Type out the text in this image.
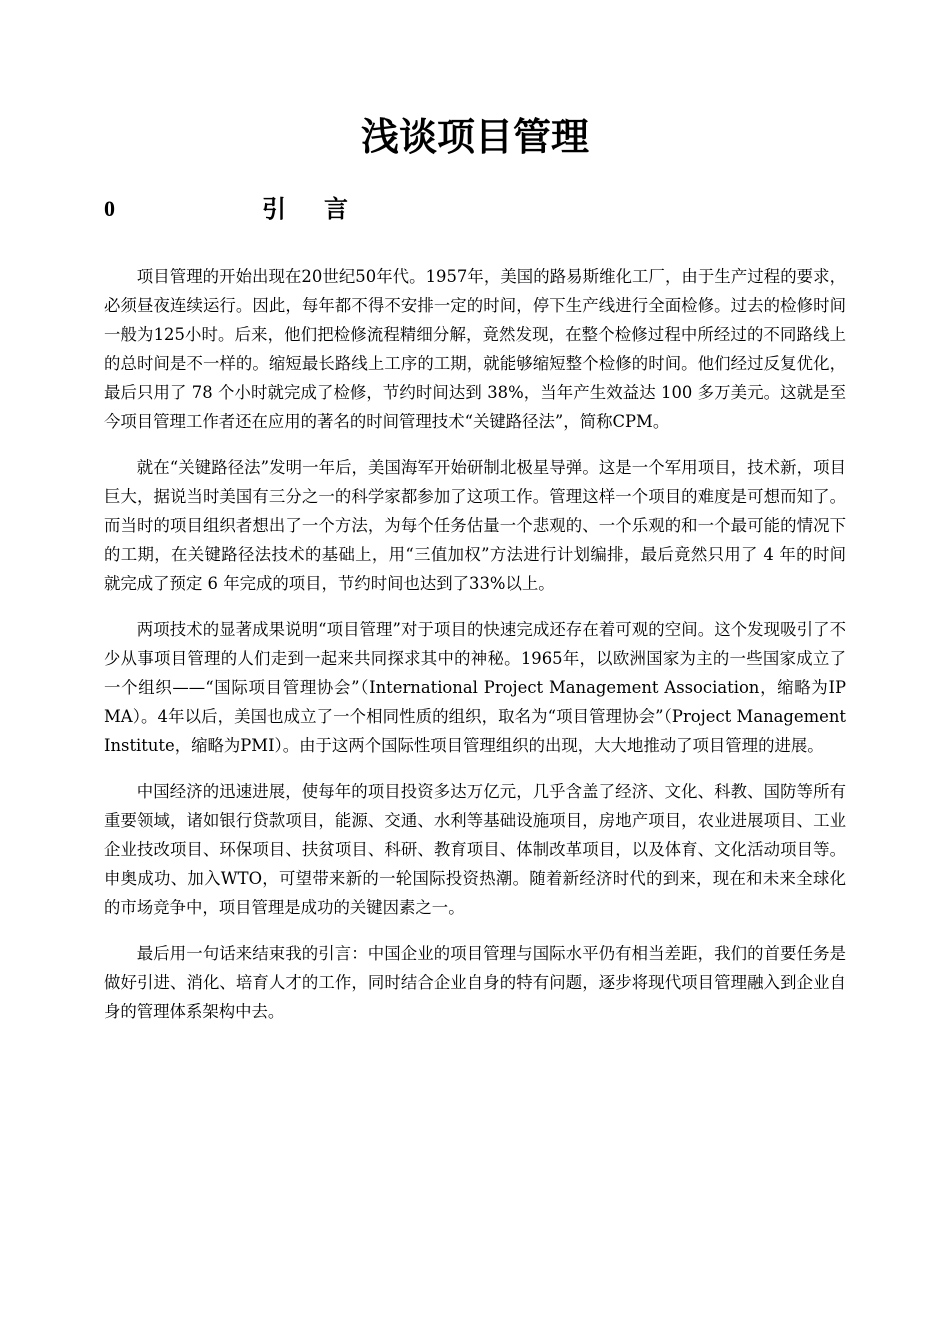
浅谈项目管理
0	引言

项目管理的开始出现在20世纪50年代。1957年，美国的路易斯维化工厂，由于生产过程的要求，必须昼夜连续运行。因此，每年都不得不安排一定的时间，停下生产线进行全面检修。过去的检修时间一般为125小时。后来，他们把检修流程精细分解，竟然发现，在整个检修过程中所经过的不同路线上的总时间是不一样的。缩短最长路线上工序的工期，就能够缩短整个检修的时间。他们经过反复优化，最后只用了 78 个小时就完成了检修，节约时间达到 38%，当年产生效益达 100 多万美元。这就是至今项目管理工作者还在应用的著名的时间管理技术“关键路径法”，简称CPM。

就在“关键路径法”发明一年后，美国海军开始研制北极星导弹。这是一个军用项目，技术新，项目巨大，据说当时美国有三分之一的科学家都参加了这项工作。管理这样一个项目的难度是可想而知了。而当时的项目组织者想出了一个方法，为每个任务估量一个悲观的、一个乐观的和一个最可能的情况下的工期，在关键路径法技术的基础上，用“三值加权”方法进行计划编排，最后竟然只用了 4 年的时间就完成了预定 6 年完成的项目，节约时间也达到了33%以上。

两项技术的显著成果说明“项目管理”对于项目的快速完成还存在着可观的空间。这个发现吸引了不少从事项目管理的人们走到一起来共同探求其中的神秘。1965年，以欧洲国家为主的一些国家成立了一个组织——“国际项目管理协会”（International Project Management Association，缩略为IPMA）。4年以后，美国也成立了一个相同性质的组织，取名为“项目管理协会”（Project Management Institute，缩略为PMI）。由于这两个国际性项目管理组织的出现，大大地推动了项目管理的进展。

中国经济的迅速进展，使每年的项目投资多达万亿元，几乎含盖了经济、文化、科教、国防等所有重要领域，诸如银行贷款项目，能源、交通、水利等基础设施项目，房地产项目，农业进展项目、工业企业技改项目、环保项目、扶贫项目、科研、教育项目、体制改革项目，以及体育、文化活动项目等。申奥成功、加入WTO，可望带来新的一轮国际投资热潮。随着新经济时代的到来，现在和未来全球化的市场竞争中，项目管理是成功的关键因素之一。

最后用一句话来结束我的引言：中国企业的项目管理与国际水平仍有相当差距，我们的首要任务是做好引进、消化、培育人才的工作，同时结合企业自身的特有问题，逐步将现代项目管理融入到企业自身的管理体系架构中去。
